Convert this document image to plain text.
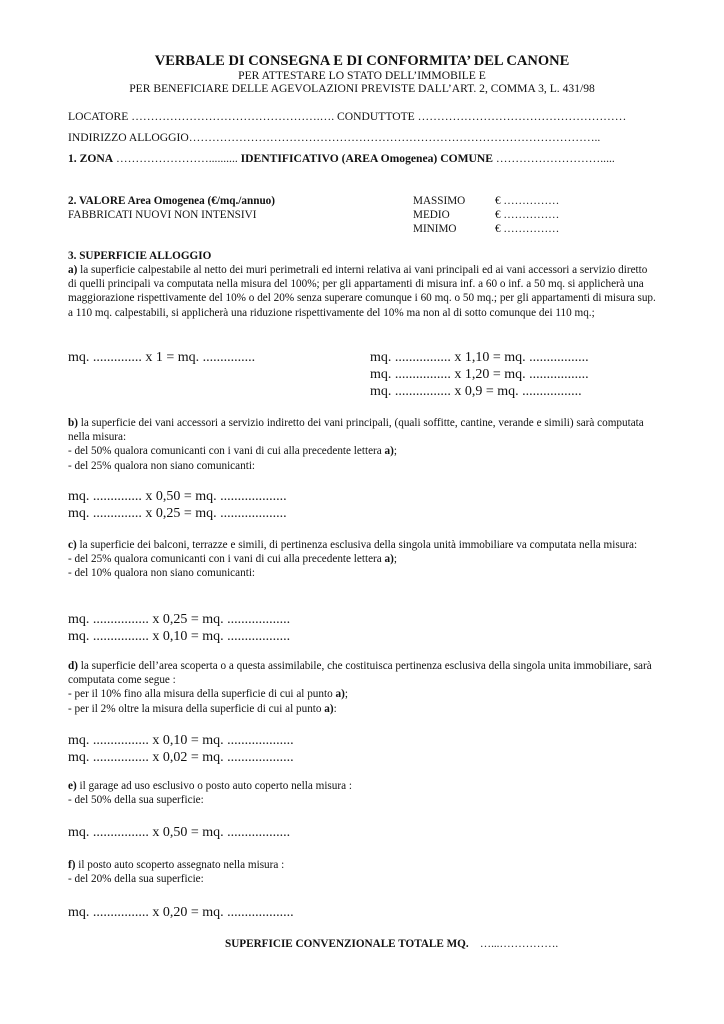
VERBALE DI CONSEGNA E DI CONFORMITA’ DEL CANONE
PER ATTESTARE LO STATO DELL’IMMOBILE E
PER BENEFICIARE DELLE AGEVOLAZIONI PREVISTE DALL’ART. 2, COMMA 3, L. 431/98
LOCATORE ………………………………………….…. CONDUTTOTE ………………………………………………
INDIRIZZO ALLOGGIO……………………………………………………………………………………………..
1. ZONA …………………….......... IDENTIFICATIVO (AREA Omogenea) COMUNE ……………………….....
2. VALORE Area Omogenea (€/mq./annuo)
FABBRICATI NUOVI NON INTENSIVI
MASSIMO	€ ……………
MEDIO	€ ……………
MINIMO	€ ……………
3. SUPERFICIE ALLOGGIO
a) la superficie calpestabile al netto dei muri perimetrali ed interni relativa ai vani principali ed ai vani accessori a servizio diretto di quelli principali va computata nella misura del 100%; per gli appartamenti di misura inf. a 60 o inf. a 50 mq. si applicherà una maggiorazione rispettivamente del 10% o del 20% senza superare comunque i 60 mq. o 50 mq.; per gli appartamenti di misura sup. a 110 mq. calpestabili, si applicherà una riduzione rispettivamente del 10% ma non al di sotto comunque dei 110 mq.;
mq. .............. x 1 = mq. ...............	mq. ................ x 1,10 = mq. .................
mq. ................ x 1,20 = mq. .................
mq. ................ x 0,9 = mq. .................
b) la superficie dei vani accessori a servizio indiretto dei vani principali, (quali soffitte, cantine, verande e simili) sarà computata nella misura:
- del 50% qualora comunicanti con i vani di cui alla precedente lettera a);
- del 25% qualora non siano comunicanti:
mq. .............. x 0,50 = mq. ...................
mq. .............. x 0,25 = mq. ...................
c) la superficie dei balconi, terrazze e simili, di pertinenza esclusiva della singola unità immobiliare va computata nella misura:
- del 25% qualora comunicanti con i vani di cui alla precedente lettera a);
- del 10% qualora non siano comunicanti:
mq. ................ x 0,25 = mq. ..................
mq. ................ x 0,10 = mq. ..................
d) la superficie dell’area scoperta o a questa assimilabile, che costituisca pertinenza esclusiva della singola unita immobiliare, sarà computata come segue :
- per il 10% fino alla misura della superficie di cui al punto a);
- per il 2% oltre la misura della superficie di cui al punto a):
mq. ................ x 0,10 = mq. ...................
mq. ................ x 0,02 = mq. ...................
e) il garage ad uso esclusivo o posto auto coperto nella misura :
- del 50% della sua superficie:
mq. ................ x 0,50 = mq. ..................
f) il posto auto scoperto assegnato nella misura :
- del 20% della sua superficie:
mq. ................ x 0,20 = mq. ...................
SUPERFICIE CONVENZIONALE TOTALE MQ. …...…………….
